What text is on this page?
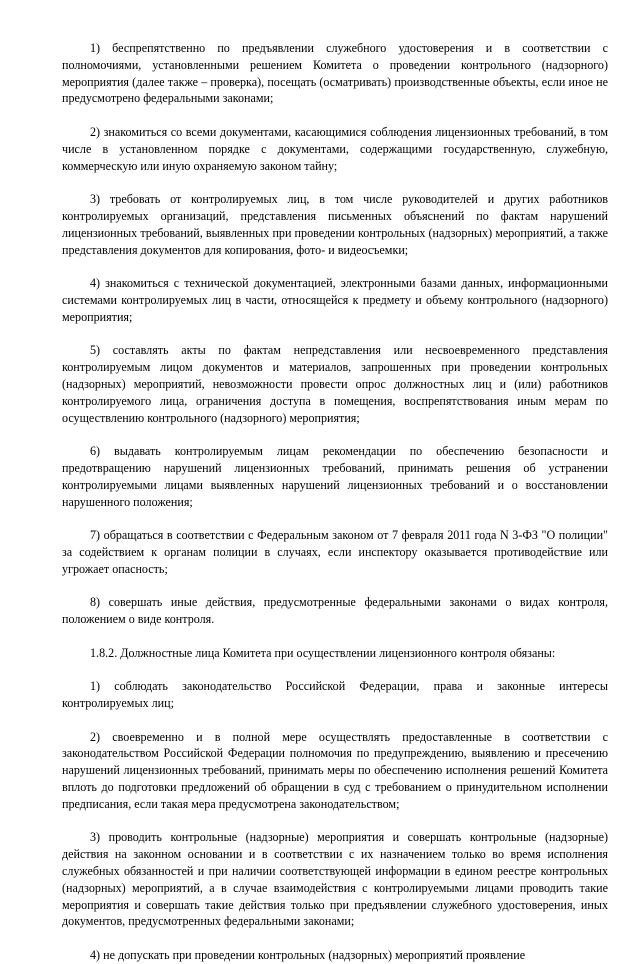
1) беспрепятственно по предъявлении служебного удостоверения и в соответствии с полномочиями, установленными решением Комитета о проведении контрольного (надзорного) мероприятия (далее также – проверка), посещать (осматривать) производственные объекты, если иное не предусмотрено федеральными законами;

2) знакомиться со всеми документами, касающимися соблюдения лицензионных требований, в том числе в установленном порядке с документами, содержащими государственную, служебную, коммерческую или иную охраняемую законом тайну;

3) требовать от контролируемых лиц, в том числе руководителей и других работников контролируемых организаций, представления письменных объяснений по фактам нарушений лицензионных требований, выявленных при проведении контрольных (надзорных) мероприятий, а также представления документов для копирования, фото- и видеосъемки;

4) знакомиться с технической документацией, электронными базами данных, информационными системами контролируемых лиц в части, относящейся к предмету и объему контрольного (надзорного) мероприятия;

5) составлять акты по фактам непредставления или несвоевременного представления контролируемым лицом документов и материалов, запрошенных при проведении контрольных (надзорных) мероприятий, невозможности провести опрос должностных лиц и (или) работников контролируемого лица, ограничения доступа в помещения, воспрепятствования иным мерам по осуществлению контрольного (надзорного) мероприятия;

6) выдавать контролируемым лицам рекомендации по обеспечению безопасности и предотвращению нарушений лицензионных требований, принимать решения об устранении контролируемыми лицами выявленных нарушений лицензионных требований и о восстановлении нарушенного положения;

7) обращаться в соответствии с Федеральным законом от 7 февраля 2011 года N 3-ФЗ "О полиции" за содействием к органам полиции в случаях, если инспектору оказывается противодействие или угрожает опасность;

8) совершать иные действия, предусмотренные федеральными законами о видах контроля, положением о виде контроля.

1.8.2. Должностные лица Комитета при осуществлении лицензионного контроля обязаны:

1) соблюдать законодательство Российской Федерации, права и законные интересы контролируемых лиц;

2) своевременно и в полной мере осуществлять предоставленные в соответствии с законодательством Российской Федерации полномочия по предупреждению, выявлению и пресечению нарушений лицензионных требований, принимать меры по обеспечению исполнения решений Комитета вплоть до подготовки предложений об обращении в суд с требованием о принудительном исполнении предписания, если такая мера предусмотрена законодательством;

3) проводить контрольные (надзорные) мероприятия и совершать контрольные (надзорные) действия на законном основании и в соответствии с их назначением только во время исполнения служебных обязанностей и при наличии соответствующей информации в едином реестре контрольных (надзорных) мероприятий, а в случае взаимодействия с контролируемыми лицами проводить такие мероприятия и совершать такие действия только при предъявлении служебного удостоверения, иных документов, предусмотренных федеральными законами;

4) не допускать при проведении контрольных (надзорных) мероприятий проявление
